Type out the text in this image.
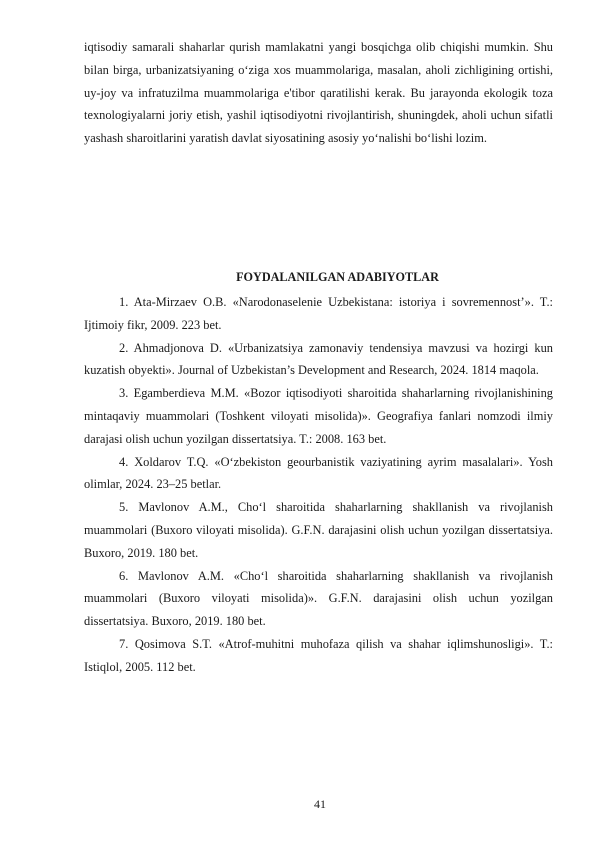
iqtisodiy samarali shaharlar qurish mamlakatni yangi bosqichga olib chiqishi mumkin. Shu bilan birga, urbanizatsiyaning o‘ziga xos muammolariga, masalan, aholi zichligining ortishi, uy-joy va infratuzilma muammolariga e'tibor qaratilishi kerak. Bu jarayonda ekologik toza texnologiyalarni joriy etish, yashil iqtisodiyotni rivojlantirish, shuningdek, aholi uchun sifatli yashash sharoitlarini yaratish davlat siyosatining asosiy yo‘nalishi bo‘lishi lozim.

FOYDALANILGAN ADABIYOTLAR

1. Ata-Mirzaev O.B. «Narodonaselenie Uzbekistana: istoriya i sovremennost’». T.: Ijtimoiy fikr, 2009. 223 bet.

2. Ahmadjonova D. «Urbanizatsiya zamonaviy tendensiya mavzusi va hozirgi kun kuzatish obyekti». Journal of Uzbekistan’s Development and Research, 2024. 1814 maqola.

3. Egamberdieva M.M. «Bozor iqtisodiyoti sharoitida shaharlarning rivojlanishining mintaqaviy muammolari (Toshkent viloyati misolida)». Geografiya fanlari nomzodi ilmiy darajasi olish uchun yozilgan dissertatsiya. T.: 2008. 163 bet.

4. Xoldarov T.Q. «O‘zbekiston geourbanistik vaziyatining ayrim masalalari». Yosh olimlar, 2024. 23–25 betlar.

5. Mavlonov A.M., Cho‘l sharoitida shaharlarning shakllanish va rivojlanish muammolari (Buxoro viloyati misolida). G.F.N. darajasini olish uchun yozilgan dissertatsiya. Buxoro, 2019. 180 bet.

6. Mavlonov A.M. «Cho‘l sharoitida shaharlarning shakllanish va rivojlanish muammolari (Buxoro viloyati misolida)». G.F.N. darajasini olish uchun yozilgan dissertatsiya. Buxoro, 2019. 180 bet.

7. Qosimova S.T. «Atrof-muhitni muhofaza qilish va shahar iqlimshunosligi». T.: Istiqlol, 2005. 112 bet.

41
